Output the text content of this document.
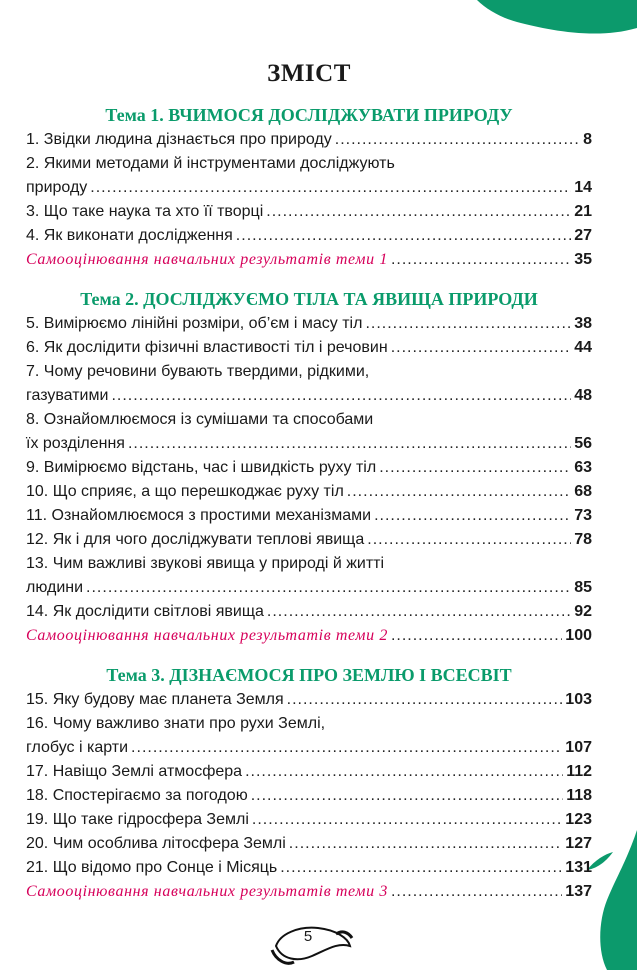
5
ЗМІСТ
Тема 1. ВЧИМОСЯ ДОСЛІДЖУВАТИ ПРИРОДУ
1. Звідки людина дізнається про природу .....	8
2. Якими методами й інструментами досліджують
природу .....	14
3. Що таке наука та хто її творці .....	21
4. Як виконати дослідження .....	27
Самооцінювання навчальних результатів теми 1 .....	35
Тема 2. ДОСЛІДЖУЄМО ТІЛА ТА ЯВИЩА ПРИРОДИ
5. Вимірюємо лінійні розміри, об’єм і масу тіл .....	38
6. Як дослідити фізичні властивості тіл і речовин .....	44
7. Чому речовини бувають твердими, рідкими,
газуватими .....	48
8. Ознайомлюємося із сумішами та способами
їх розділення .....	56
9. Вимірюємо відстань, час і швидкість руху тіл .....	63
10. Що сприяє, а що перешкоджає руху тіл .....	68
11. Ознайомлюємося з простими механізмами .....	73
12. Як і для чого досліджувати теплові явища .....	78
13. Чим важливі звукові явища у природі й житті
людини .....	85
14. Як дослідити світлові явища .....	92
Самооцінювання навчальних результатів теми 2 .....	100
Тема 3. ДІЗНАЄМОСЯ ПРО ЗЕМЛЮ І ВСЕСВІТ
15. Яку будову має планета Земля .....	103
16. Чому важливо знати про рухи Землі,
глобус і карти .....	107
17. Навіщо Землі атмосфера .....	112
18. Спостерігаємо за погодою .....	118
19. Що таке гідросфера Землі .....	123
20. Чим особлива літосфера Землі .....	127
21. Що відомо про Сонце і Місяць .....	131
Самооцінювання навчальних результатів теми 3 .....	137
